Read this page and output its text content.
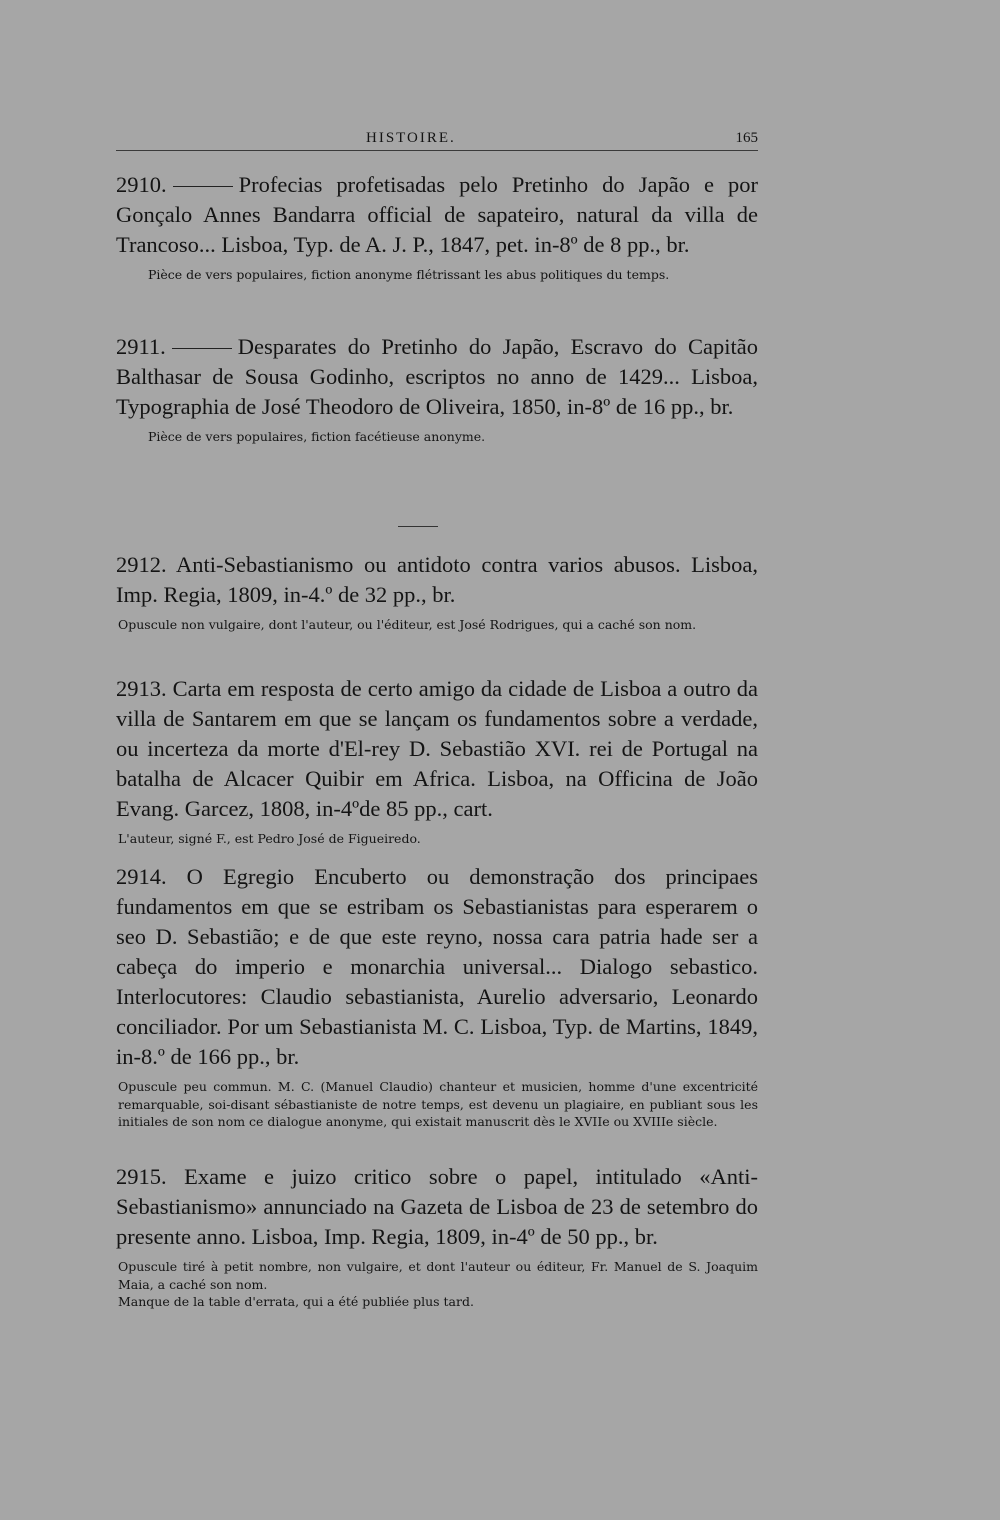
HISTOIRE.	165
2910.	Profecias profetisadas pelo Pretinho do Japão e por Gonçalo Annes Bandarra official de sapateiro, natural da villa de Trancoso... Lisboa, Typ. de A. J. P., 1847, pet. in-8º de 8 pp., br.
Pièce de vers populaires, fiction anonyme flétrissant les abus politiques du temps.
2911.	Desparates do Pretinho do Japão, Escravo do Capitão Balthasar de Sousa Godinho, escriptos no anno de 1429... Lisboa, Typographia de José Theodoro de Oliveira, 1850, in-8º de 16 pp., br.
Pièce de vers populaires, fiction facétieuse anonyme.
2912. Anti-Sebastianismo ou antidoto contra varios abusos. Lisboa, Imp. Regia, 1809, in-4.º de 32 pp., br.
Opuscule non vulgaire, dont l'auteur, ou l'éditeur, est José Rodrigues, qui a caché son nom.
2913. Carta em resposta de certo amigo da cidade de Lisboa a outro da villa de Santarem em que se lançam os fundamentos sobre a verdade, ou incerteza da morte d'El-rey D. Sebastião XVI. rei de Portugal na batalha de Alcacer Quibir em Africa. Lisboa, na Officina de João Evang. Garcez, 1808, in-4ºde 85 pp., cart.
L'auteur, signé F., est Pedro José de Figueiredo.
2914. O Egregio Encuberto ou demonstração dos principaes fundamentos em que se estribam os Sebastianistas para esperarem o seo D. Sebastião; e de que este reyno, nossa cara patria hade ser a cabeça do imperio e monarchia universal... Dialogo sebastico. Interlocutores: Claudio sebastianista, Aurelio adversario, Leonardo conciliador. Por um Sebastianista M. C. Lisboa, Typ. de Martins, 1849, in-8.º de 166 pp., br.
Opuscule peu commun. M. C. (Manuel Claudio) chanteur et musicien, homme d'une excentricité remarquable, soi-disant sébastianiste de notre temps, est devenu un plagiaire, en publiant sous les initiales de son nom ce dialogue anonyme, qui existait manuscrit dès le XVIIe ou XVIIIe siècle.
2915. Exame e juizo critico sobre o papel, intitulado «Anti-Sebastianismo» annunciado na Gazeta de Lisboa de 23 de setembro do presente anno. Lisboa, Imp. Regia, 1809, in-4º de 50 pp., br.
Opuscule tiré à petit nombre, non vulgaire, et dont l'auteur ou éditeur, Fr. Manuel de S. Joaquim Maia, a caché son nom.
Manque de la table d'errata, qui a été publiée plus tard.
